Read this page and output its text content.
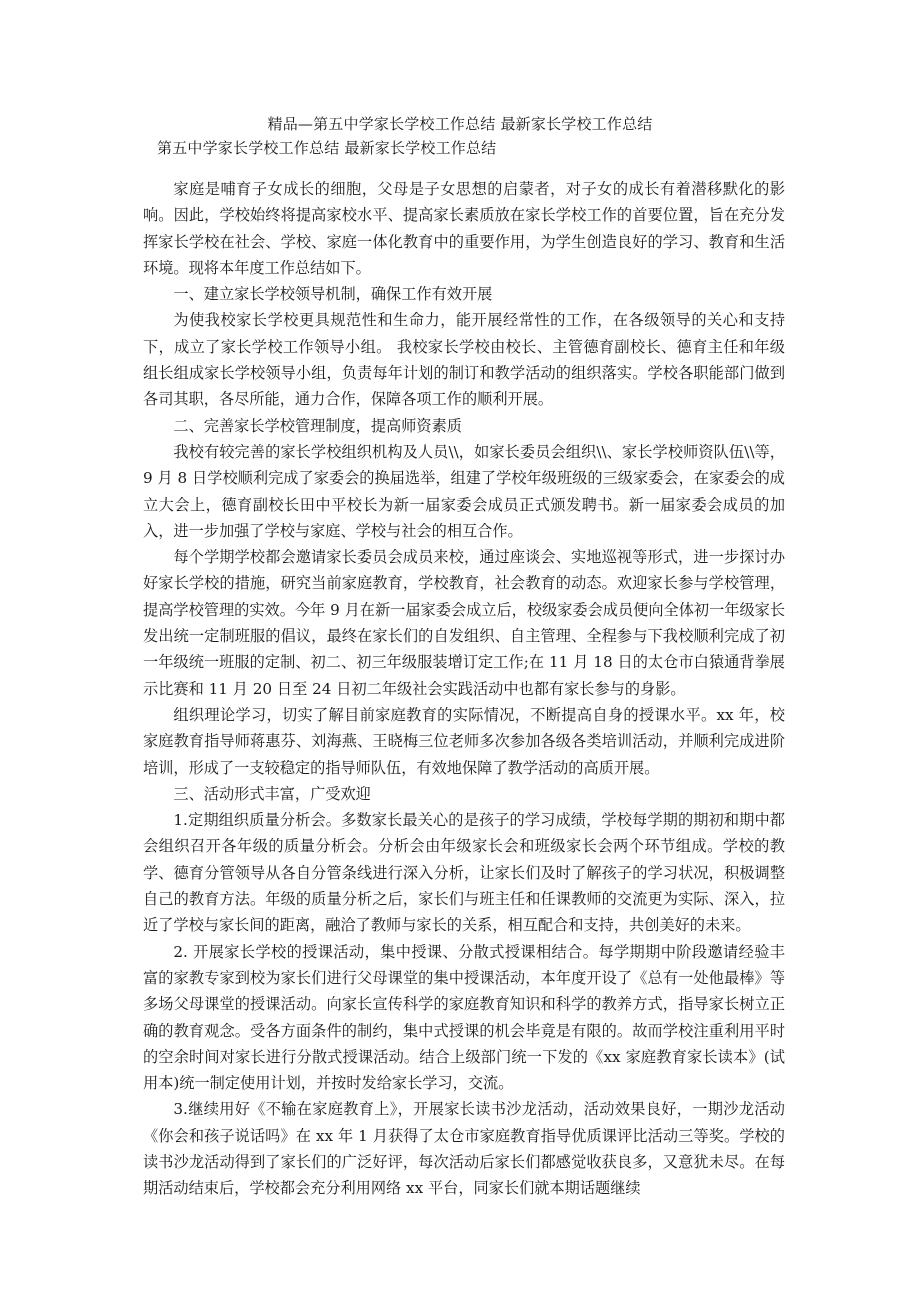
精品—第五中学家长学校工作总结 最新家长学校工作总结
第五中学家长学校工作总结 最新家长学校工作总结

家庭是哺育子女成长的细胞，父母是子女思想的启蒙者，对子女的成长有着潜移默化的影响。因此，学校始终将提高家校水平、提高家长素质放在家长学校工作的首要位置，旨在充分发挥家长学校在社会、学校、家庭一体化教育中的重要作用，为学生创造良好的学习、教育和生活环境。现将本年度工作总结如下。

一、建立家长学校领导机制，确保工作有效开展

为使我校家长学校更具规范性和生命力，能开展经常性的工作，在各级领导的关心和支持下，成立了家长学校工作领导小组。 我校家长学校由校长、主管德育副校长、德育主任和年级组长组成家长学校领导小组，负责每年计划的制订和教学活动的组织落实。学校各职能部门做到各司其职，各尽所能，通力合作，保障各项工作的顺利开展。

二、完善家长学校管理制度，提高师资素质

我校有较完善的家长学校组织机构及人员\\，如家长委员会组织\\、家长学校师资队伍\\等，9 月 8 日学校顺利完成了家委会的换届选举，组建了学校年级班级的三级家委会，在家委会的成立大会上，德育副校长田中平校长为新一届家委会成员正式颁发聘书。新一届家委会成员的加入，进一步加强了学校与家庭、学校与社会的相互合作。

每个学期学校都会邀请家长委员会成员来校，通过座谈会、实地巡视等形式，进一步探讨办好家长学校的措施，研究当前家庭教育，学校教育，社会教育的动态。欢迎家长参与学校管理，提高学校管理的实效。今年 9 月在新一届家委会成立后，校级家委会成员便向全体初一年级家长发出统一定制班服的倡议，最终在家长们的自发组织、自主管理、全程参与下我校顺利完成了初一年级统一班服的定制、初二、初三年级服装增订定工作;在 11 月 18 日的太仓市白猿通背拳展示比赛和 11 月 20 日至 24 日初二年级社会实践活动中也都有家长参与的身影。

组织理论学习，切实了解目前家庭教育的实际情况，不断提高自身的授课水平。xx 年，校家庭教育指导师蒋惠芬、刘海燕、王晓梅三位老师多次参加各级各类培训活动，并顺利完成进阶培训，形成了一支较稳定的指导师队伍，有效地保障了教学活动的高质开展。

三、活动形式丰富，广受欢迎

1.定期组织质量分析会。多数家长最关心的是孩子的学习成绩，学校每学期的期初和期中都会组织召开各年级的质量分析会。分析会由年级家长会和班级家长会两个环节组成。学校的教学、德育分管领导从各自分管条线进行深入分析，让家长们及时了解孩子的学习状况，积极调整自己的教育方法。年级的质量分析之后，家长们与班主任和任课教师的交流更为实际、深入，拉近了学校与家长间的距离，融洽了教师与家长的关系，相互配合和支持，共创美好的未来。

2. 开展家长学校的授课活动，集中授课、分散式授课相结合。每学期期中阶段邀请经验丰富的家教专家到校为家长们进行父母课堂的集中授课活动，本年度开设了《总有一处他最棒》等多场父母课堂的授课活动。向家长宣传科学的家庭教育知识和科学的教养方式，指导家长树立正确的教育观念。受各方面条件的制约，集中式授课的机会毕竟是有限的。故而学校注重利用平时的空余时间对家长进行分散式授课活动。结合上级部门统一下发的《xx 家庭教育家长读本》(试用本)统一制定使用计划，并按时发给家长学习，交流。

3.继续用好《不输在家庭教育上》，开展家长读书沙龙活动，活动效果良好，一期沙龙活动《你会和孩子说话吗》在 xx 年 1 月获得了太仓市家庭教育指导优质课评比活动三等奖。学校的读书沙龙活动得到了家长们的广泛好评，每次活动后家长们都感觉收获良多，又意犹未尽。在每期活动结束后，学校都会充分利用网络 xx 平台，同家长们就本期话题继续
